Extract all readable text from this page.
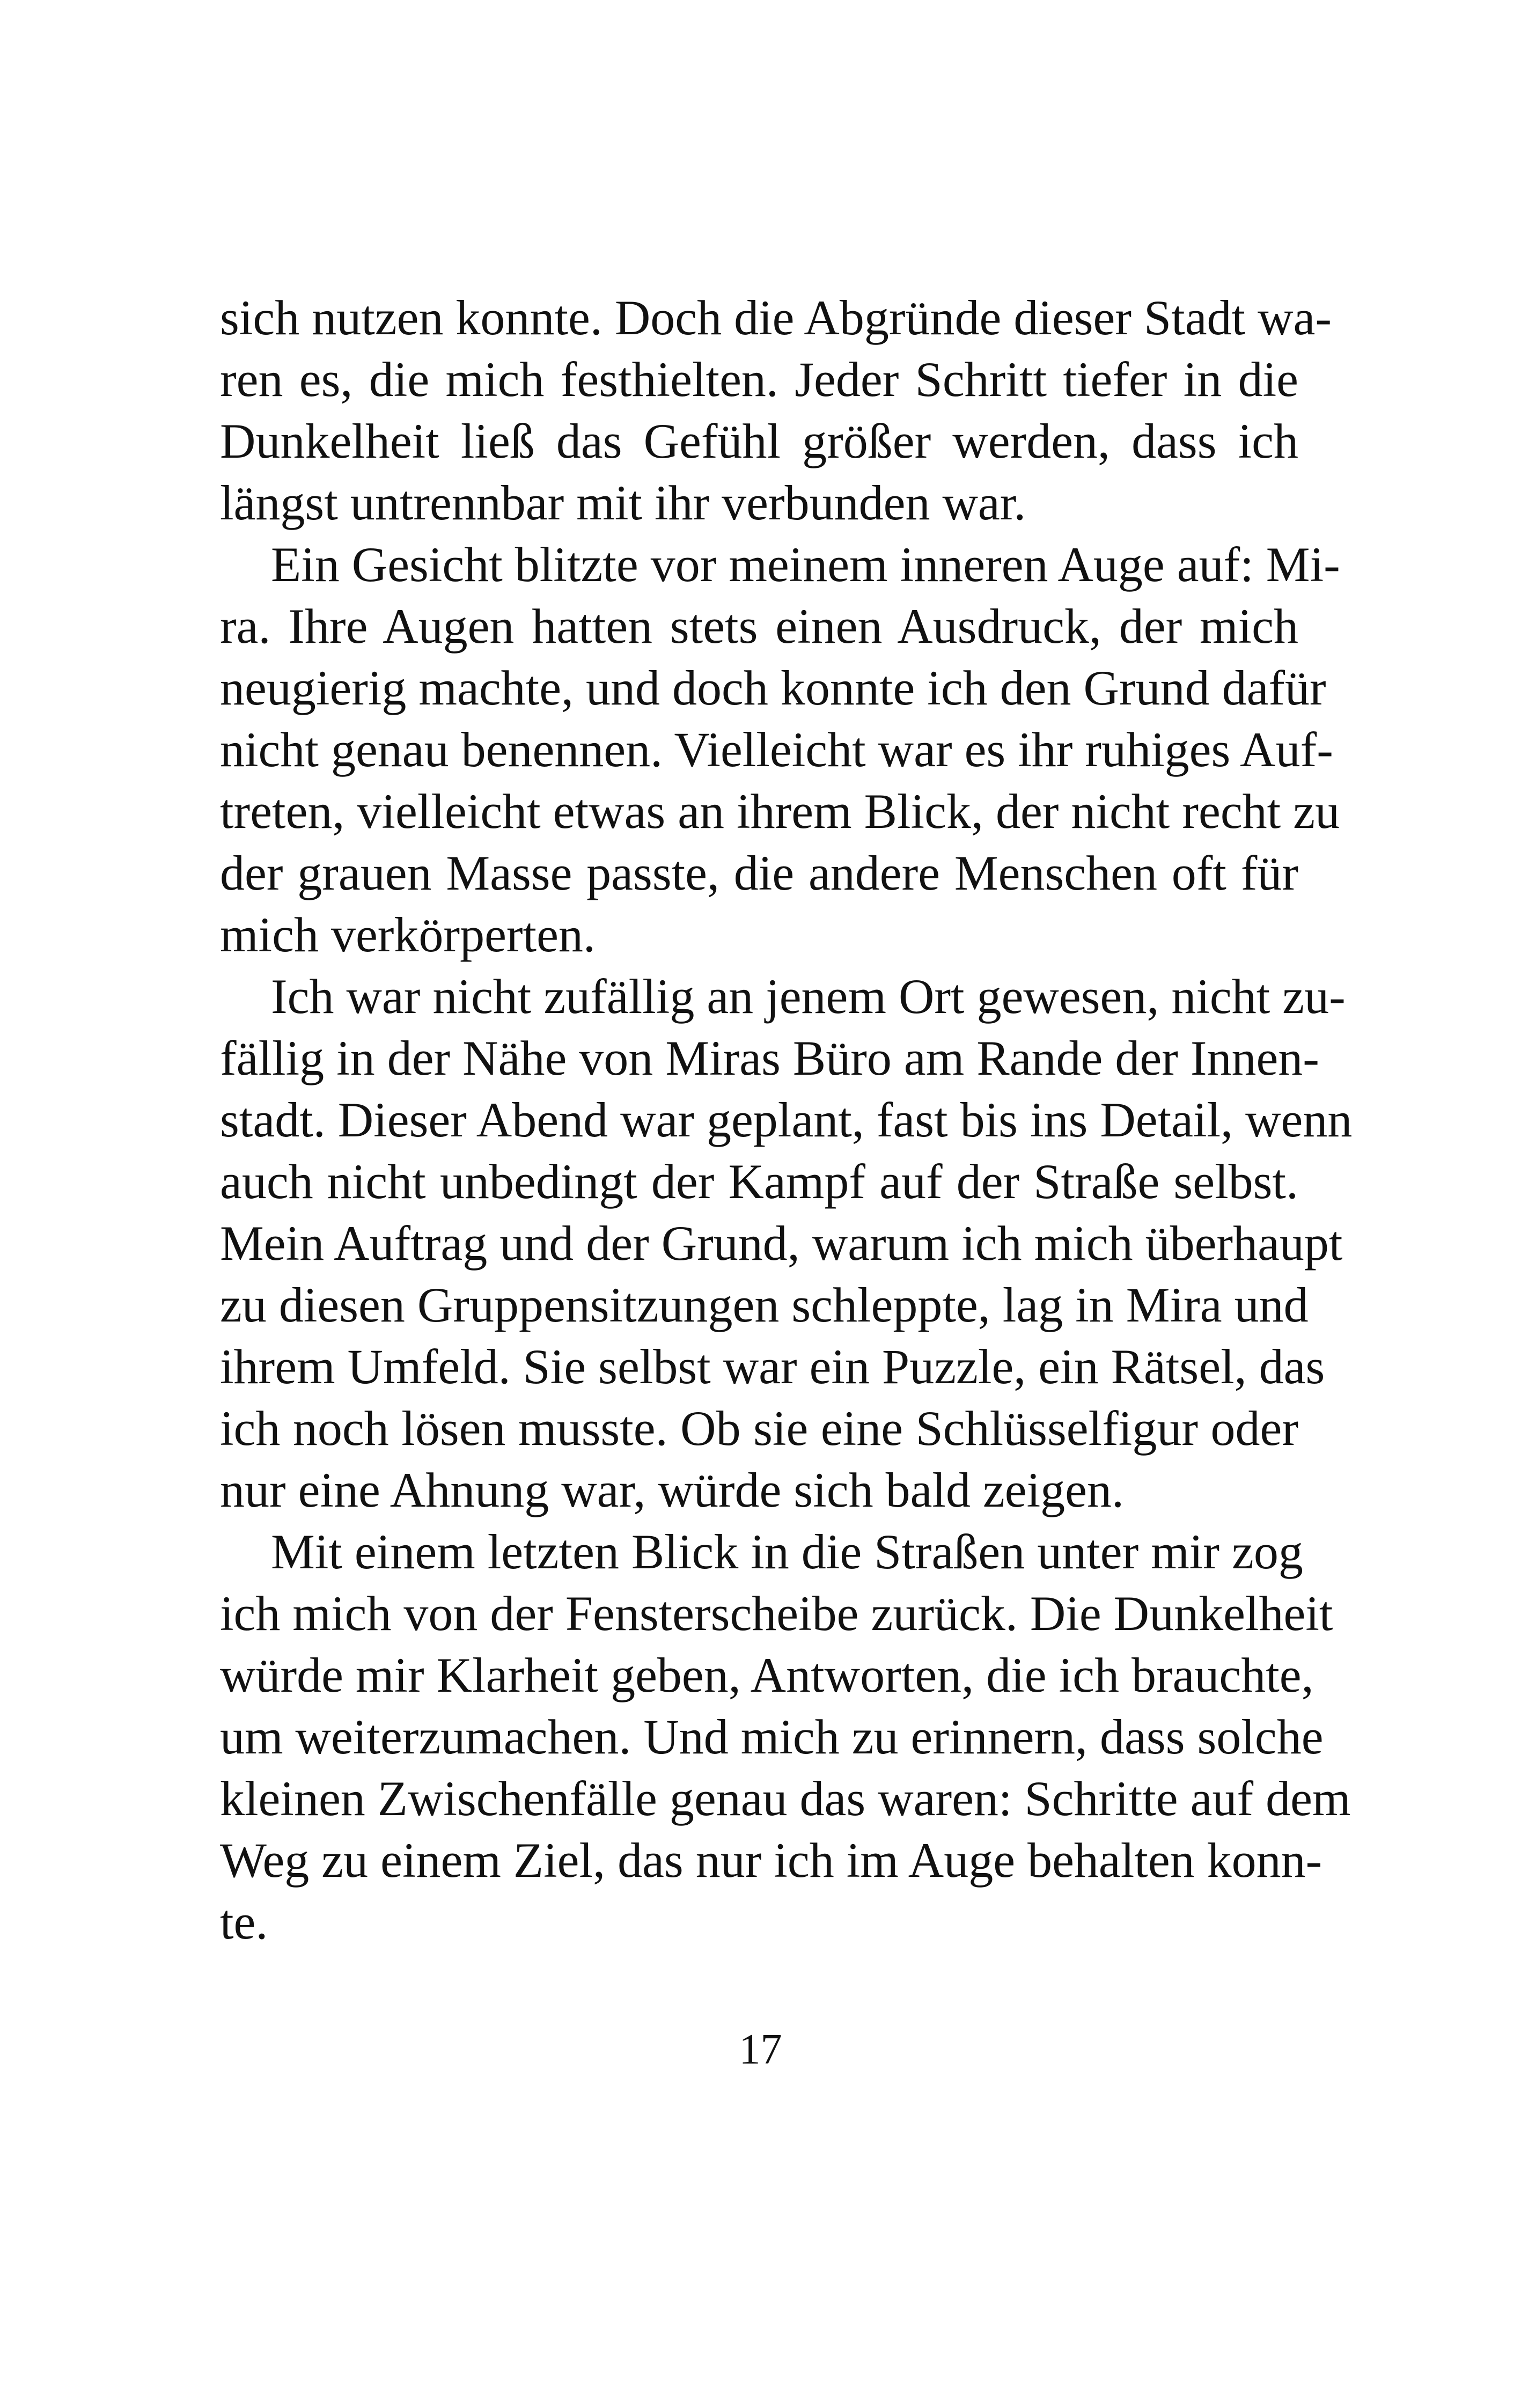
sich nutzen konnte. Doch die Abgründe dieser Stadt wa-
ren es, die mich festhielten. Jeder Schritt tiefer in die
Dunkelheit ließ das Gefühl größer werden, dass ich
längst untrennbar mit ihr verbunden war.
Ein Gesicht blitzte vor meinem inneren Auge auf: Mi-
ra. Ihre Augen hatten stets einen Ausdruck, der mich
neugierig machte, und doch konnte ich den Grund dafür
nicht genau benennen. Vielleicht war es ihr ruhiges Auf-
treten, vielleicht etwas an ihrem Blick, der nicht recht zu
der grauen Masse passte, die andere Menschen oft für
mich verkörperten.
Ich war nicht zufällig an jenem Ort gewesen, nicht zu-
fällig in der Nähe von Miras Büro am Rande der Innen-
stadt. Dieser Abend war geplant, fast bis ins Detail, wenn
auch nicht unbedingt der Kampf auf der Straße selbst.
Mein Auftrag und der Grund, warum ich mich überhaupt
zu diesen Gruppensitzungen schleppte, lag in Mira und
ihrem Umfeld. Sie selbst war ein Puzzle, ein Rätsel, das
ich noch lösen musste. Ob sie eine Schlüsselfigur oder
nur eine Ahnung war, würde sich bald zeigen.
Mit einem letzten Blick in die Straßen unter mir zog
ich mich von der Fensterscheibe zurück. Die Dunkelheit
würde mir Klarheit geben, Antworten, die ich brauchte,
um weiterzumachen. Und mich zu erinnern, dass solche
kleinen Zwischenfälle genau das waren: Schritte auf dem
Weg zu einem Ziel, das nur ich im Auge behalten konn-
te.
17
